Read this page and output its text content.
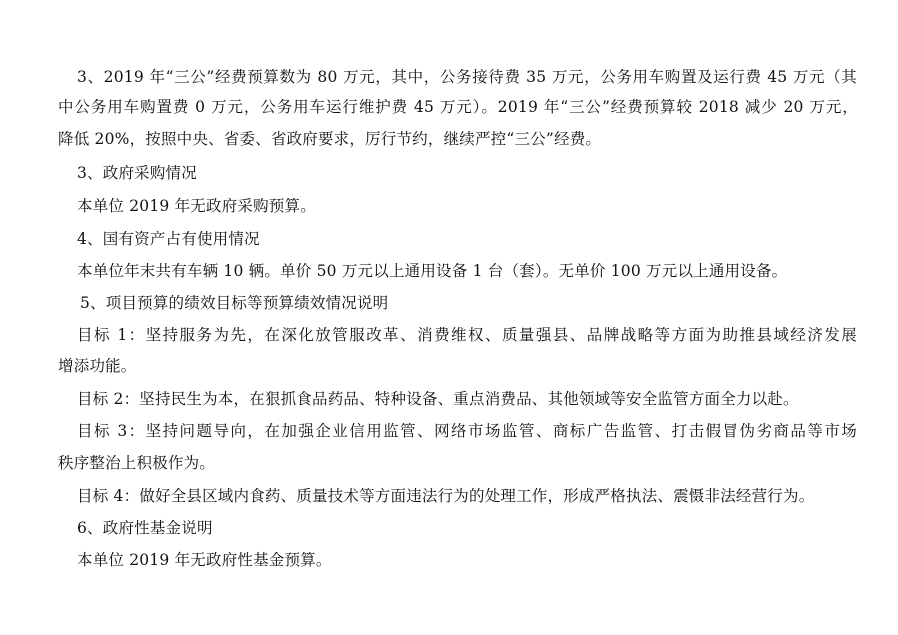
3、2019 年“三公”经费预算数为 80 万元，其中，公务接待费 35 万元，公务用车购置及运行费 45 万元（其
中公务用车购置费 0 万元，公务用车运行维护费 45 万元）。2019 年“三公”经费预算较 2018 减少 20 万元，
降低 20%，按照中央、省委、省政府要求，厉行节约，继续严控“三公”经费。
3、政府采购情况
本单位 2019 年无政府采购预算。
4、国有资产占有使用情况
本单位年末共有车辆 10 辆。单价 50 万元以上通用设备 1 台（套）。无单价 100 万元以上通用设备。
5、项目预算的绩效目标等预算绩效情况说明
目标 1：坚持服务为先，在深化放管服改革、消费维权、质量强县、品牌战略等方面为助推县域经济发展
增添功能。
目标 2：坚持民生为本，在狠抓食品药品、特种设备、重点消费品、其他领域等安全监管方面全力以赴。
目标 3：坚持问题导向，在加强企业信用监管、网络市场监管、商标广告监管、打击假冒伪劣商品等市场
秩序整治上积极作为。
目标 4：做好全县区域内食药、质量技术等方面违法行为的处理工作，形成严格执法、震慑非法经营行为。
6、政府性基金说明
本单位 2019 年无政府性基金预算。
